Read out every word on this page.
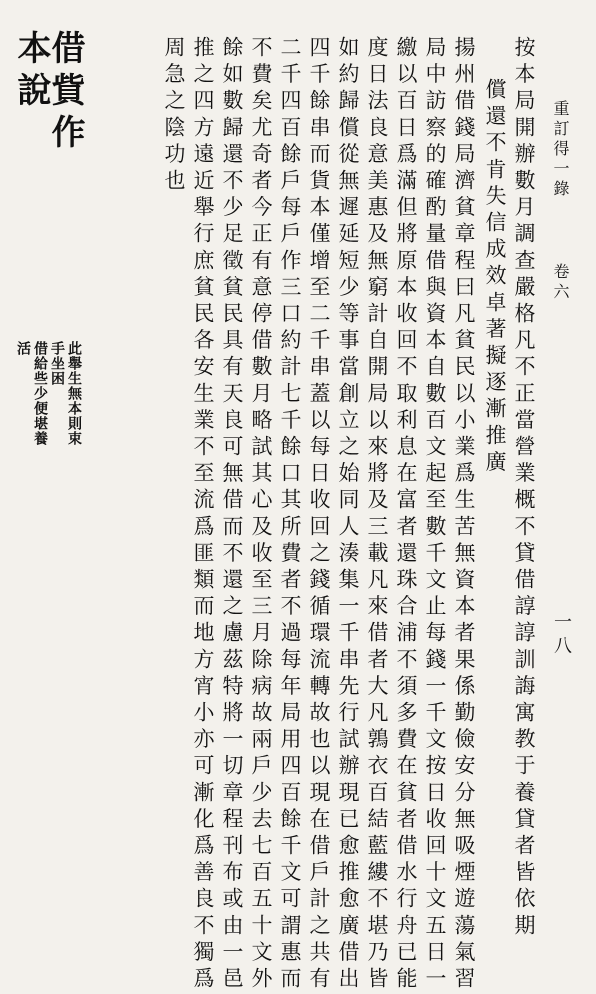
重訂得一錄 卷六
一八
按本局開辦數月調查嚴格凡不正當營業概不貸借諄諄訓誨寓教于養貸者皆依期
償還不肯失信成效卓著擬逐漸推廣
揚州借錢局濟貧章程曰凡貧民以小業爲生苦無資本者果係勤儉安分無吸煙遊蕩氣習
局中訪察的確酌量借與資本自數百文起至數千文止每錢一千文按日收回十文五日一
繳以百日爲滿但將原本收回不取利息在富者還珠合浦不須多費在貧者借水行舟已能
度日法良意美惠及無窮計自開局以來將及三載凡來借者大凡鶉衣百結藍縷不堪乃皆
如約歸償從無遲延短少等事當創立之始同人湊集一千串先行試辦現已愈推愈廣借出
四千餘串而貨本僅增至二千串蓋以每日收回之錢循環流轉故也以現在借戶計之共有
二千四百餘戶每戶作三口約計七千餘口其所費者不過每年局用四百餘千文可謂惠而
不費矣尤奇者今正有意停借數月略試其心及收至三月除病故兩戶少去七百五十文外
餘如數歸還不少足徵貧民具有天良可無借而不還之慮茲特將一切章程刊布或由一邑
推之四方遠近舉行庶貧民各安生業不至流爲匪類而地方宵小亦可漸化爲善良不獨爲
周急之陰功也
借貲作本說
此舉生無本則束手坐困
借給些少便堪養活
